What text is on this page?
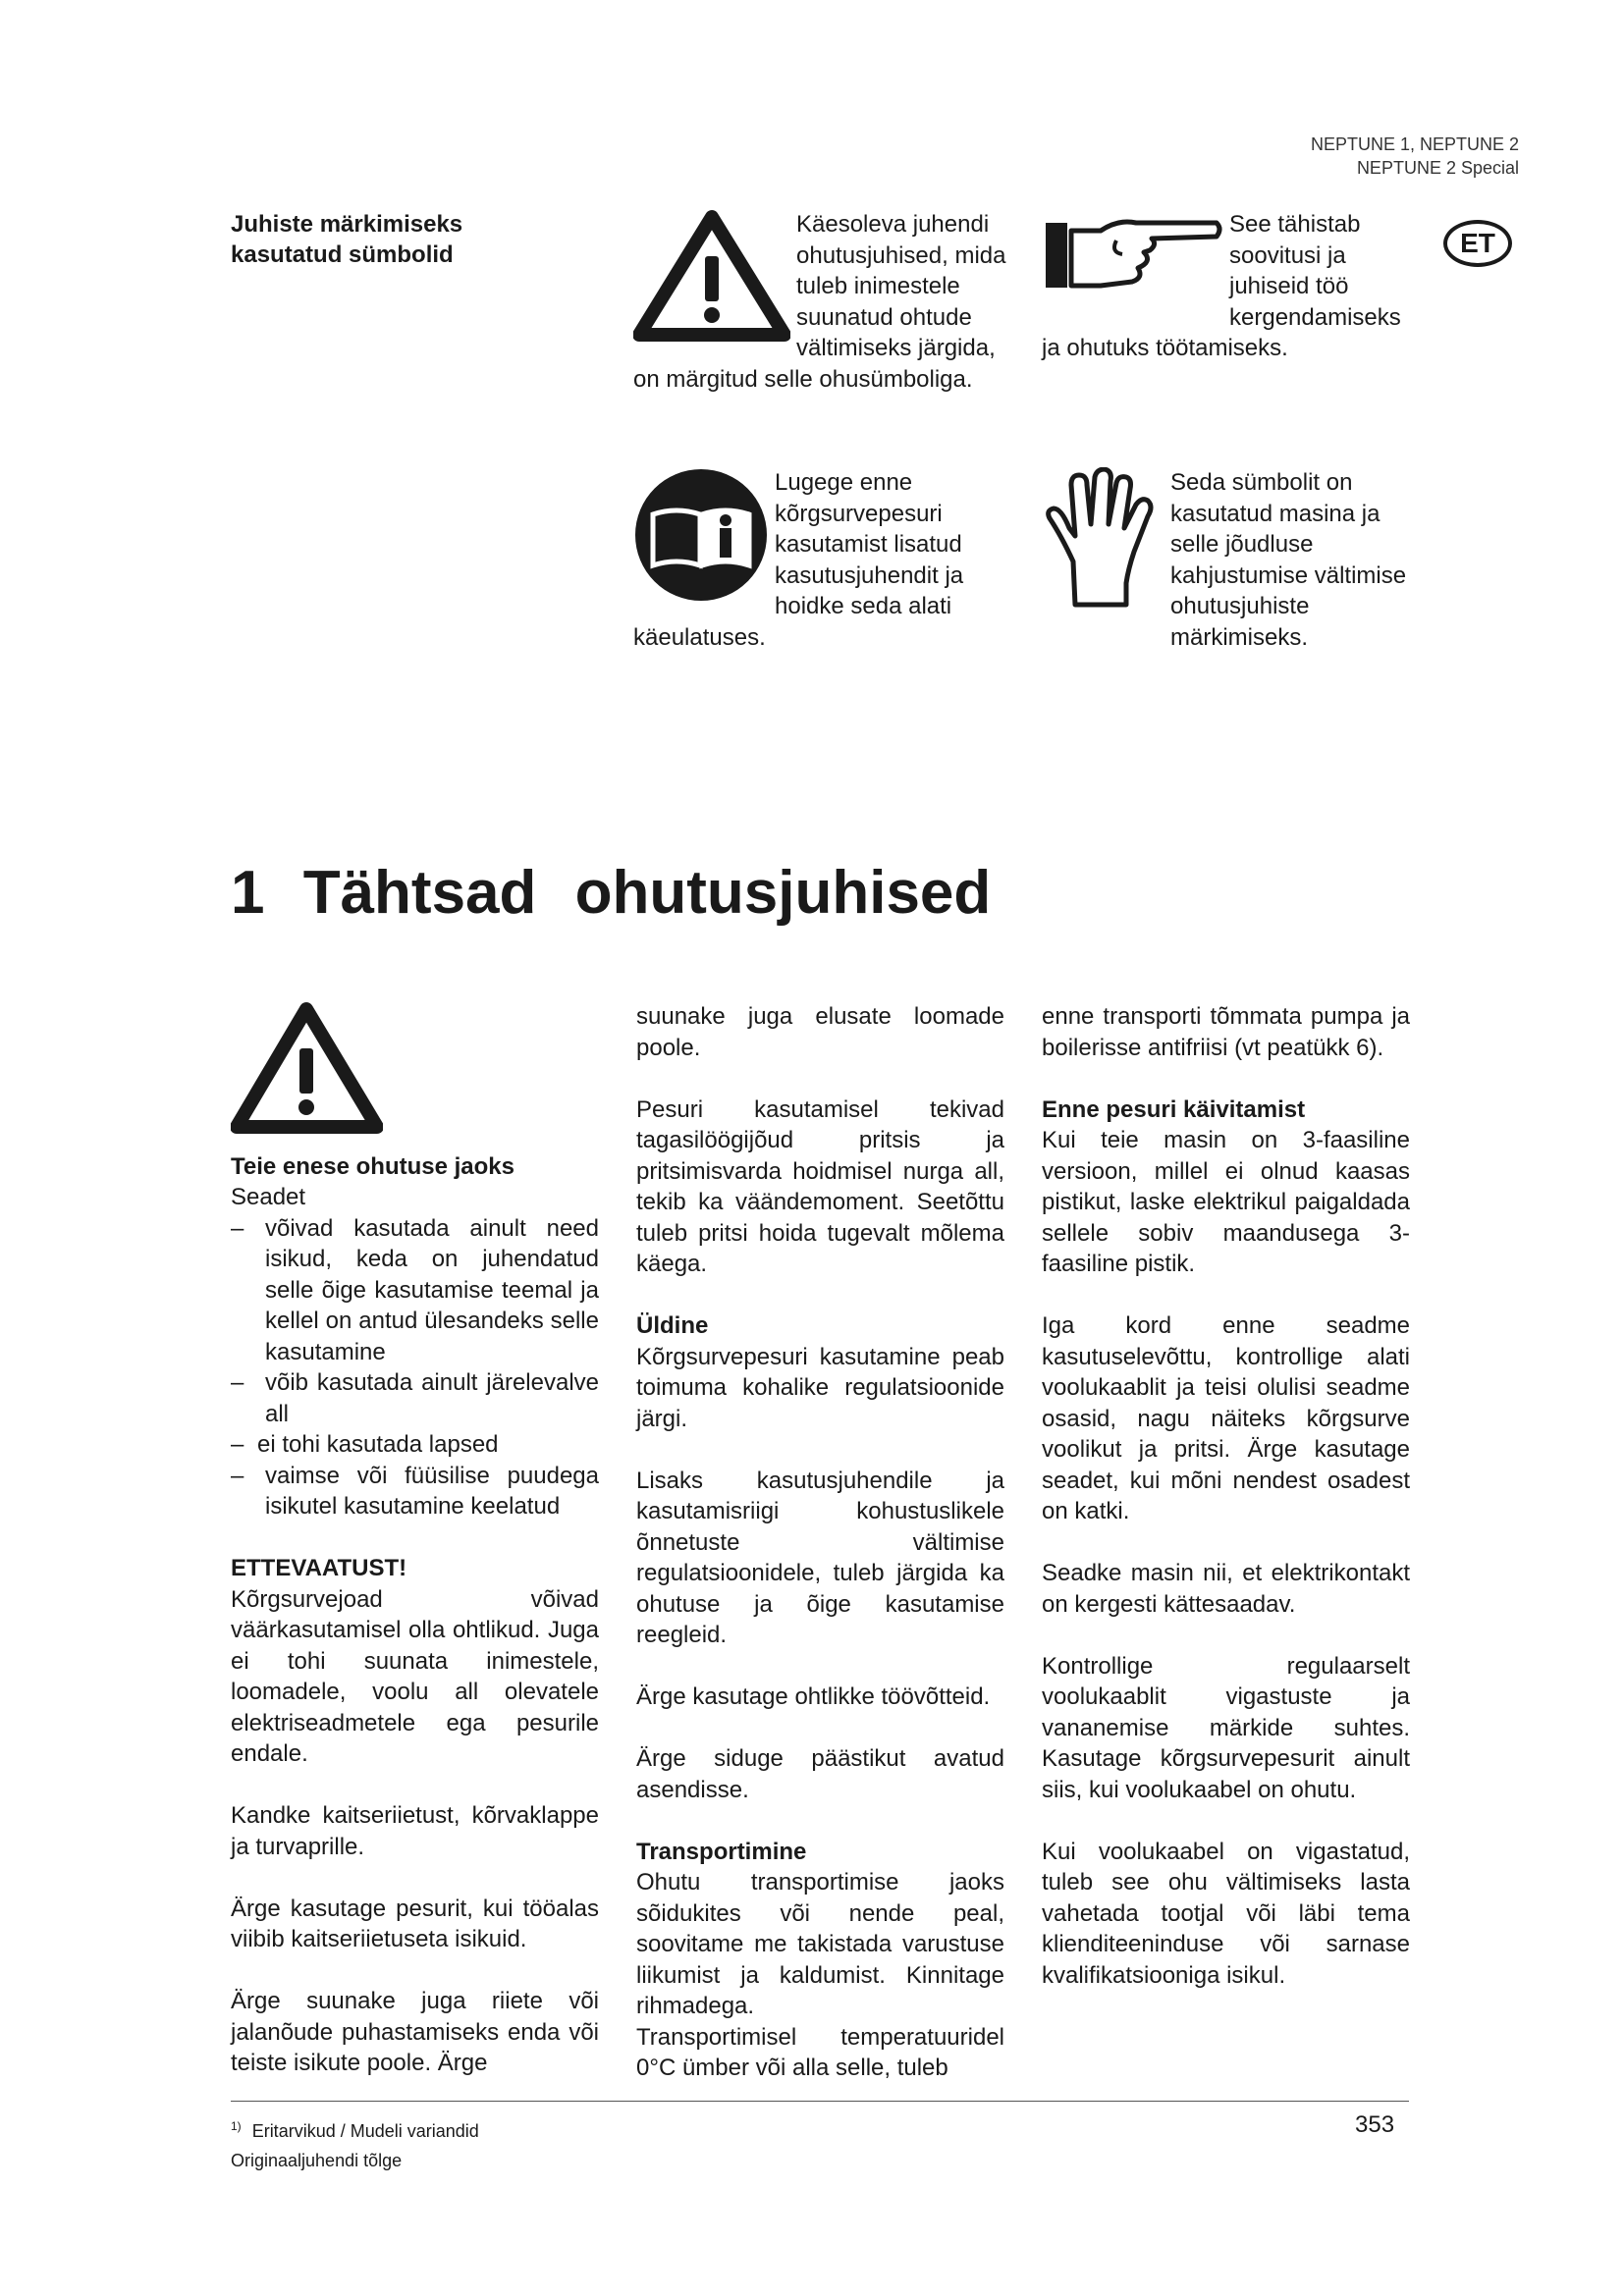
NEPTUNE 1, NEPTUNE 2
NEPTUNE 2 Special
ET
Juhiste märkimiseks
kasutatud sümbolid
Käesoleva juhendi ohutusjuhised, mida tuleb inimestele suunatud ohtude vältimiseks järgida, on märgitud selle ohusümboliga.
See tähistab soovitusi ja juhiseid töö kergendamiseks ja ohutuks töötamiseks.
Lugege enne kõrgsurvepesuri kasutamist lisatud kasutusjuhendit ja hoidke seda alati käeulatuses.
Seda sümbolit on kasutatud masina ja selle jõudluse kahjustumise vältimise ohutusjuhiste märkimiseks.
1 Tähtsad ohutusjuhised
Teie enese ohutuse jaoks
Seadet
– võivad kasutada ainult need isikud, keda on juhendatud selle õige kasutamise teemal ja kellel on antud ülesandeks selle kasutamine
– võib kasutada ainult järelevalve all
– ei tohi kasutada lapsed
– vaimse või füüsilise puudega isikutel kasutamine keelatud
ETTEVAATUST!

Kõrgsurvejoad võivad väärkasutamisel olla ohtlikud. Juga ei tohi suunata inimestele, loomadele, voolu all olevatele elektriseadmetele ega pesurile endale.

Kandke kaitseriietust, kõrvaklappe ja turvaprille.

Ärge kasutage pesurit, kui tööalas viibib kaitseriietuseta isikuid.

Ärge suunake juga riiete või jalanõude puhastamiseks enda või teiste isikute poole. Ärge

suunake juga elusate loomade poole.

Pesuri kasutamisel tekivad tagasilöögijõud pritsis ja pritsimisvarda hoidmisel nurga all, tekib ka väändemoment. Seetõttu tuleb pritsi hoida tugevalt mõlema käega.

Üldine

Kõrgsurvepesuri kasutamine peab toimuma kohalike regulatsioonide järgi.

Lisaks kasutusjuhendile ja kasutamisriigi kohustuslikele õnnetuste vältimise regulatsioonidele, tuleb järgida ka ohutuse ja õige kasutamise reegleid.

Ärge kasutage ohtlikke töövõtteid.

Ärge siduge päästikut avatud asendisse.

Transportimine
Ohutu transportimise jaoks sõidukites või nende peal, soovitame me takistada varustuse liikumist ja kaldumist. Kinnitage rihmadega.
Transportimisel temperatuuridel 0°C ümber või alla selle, tuleb

enne transporti tõmmata pumpa ja boilerisse antifriisi (vt peatükk 6).

Enne pesuri käivitamist

Kui teie masin on 3-faasiline versioon, millel ei olnud kaasas pistikut, laske elektrikul paigaldada sellele sobiv maandusega 3-faasiline pistik.

Iga kord enne seadme kasutuselevõttu, kontrollige alati voolukaablit ja teisi olulisi seadme osasid, nagu näiteks kõrgsurve voolikut ja pritsi. Ärge kasutage seadet, kui mõni nendest osadest on katki.

Seadke masin nii, et elektrikontakt on kergesti kättesaadav.

Kontrollige regulaarselt voolukaablit vigastuste ja vananemise märkide suhtes. Kasutage kõrgsurvepesurit ainult siis, kui voolukaabel on ohutu.

Kui voolukaabel on vigastatud, tuleb see ohu vältimiseks lasta vahetada tootjal või läbi tema klienditeeninduse või sarnase kvalifikatsiooniga isikul.

$^{1)}$ Eritarvikud / Mudeli variandid
Originaaljuhendi tõlge
353
